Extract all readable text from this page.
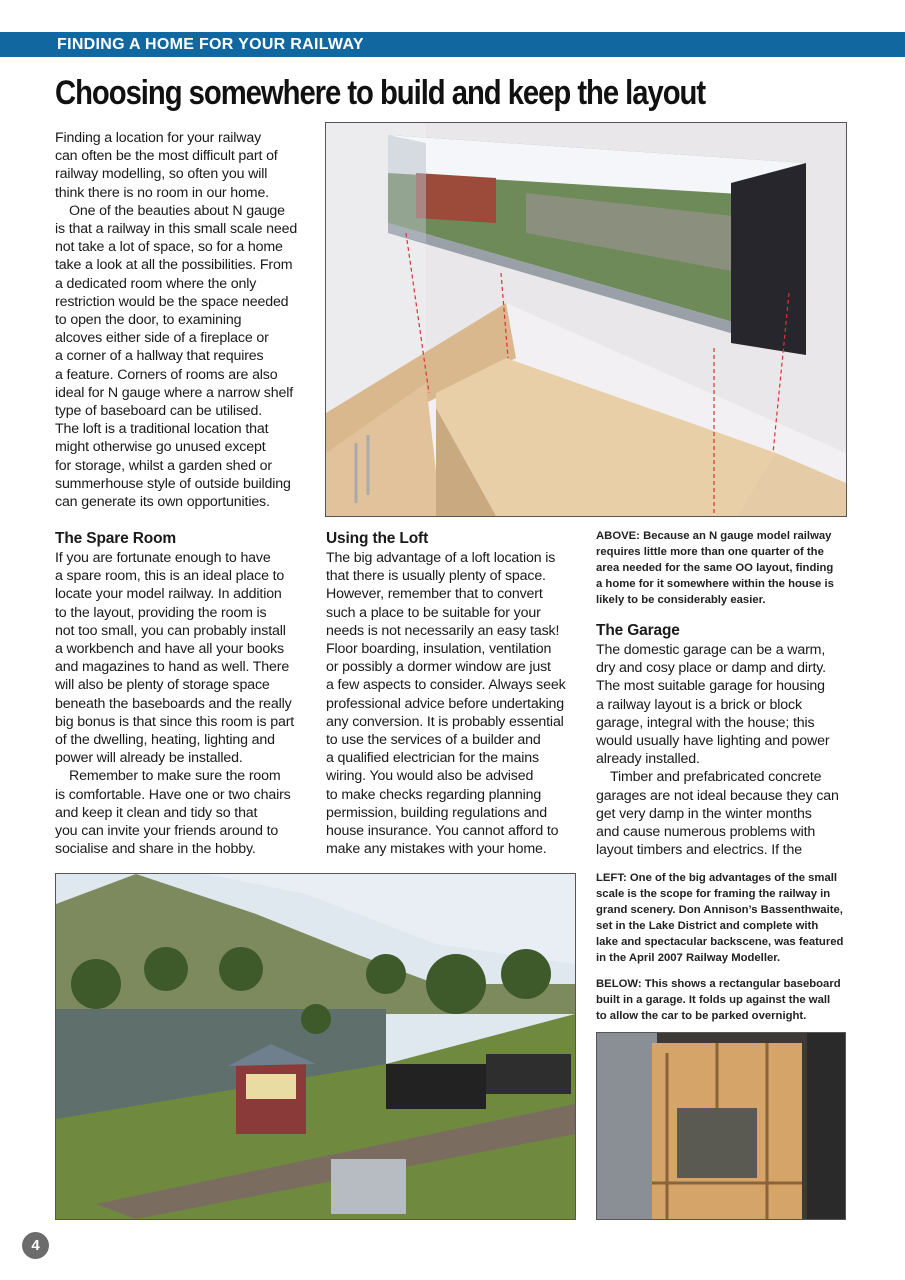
FINDING A HOME FOR YOUR RAILWAY
Choosing somewhere to build and keep the layout
Finding a location for your railway
can often be the most difficult part of
railway modelling, so often you will
think there is no room in our home.
One of the beauties about N gauge
is that a railway in this small scale need
not take a lot of space, so for a home
take a look at all the possibilities. From
a dedicated room where the only
restriction would be the space needed
to open the door, to examining
alcoves either side of a fireplace or
a corner of a hallway that requires
a feature. Corners of rooms are also
ideal for N gauge where a narrow shelf
type of baseboard can be utilised.
The loft is a traditional location that
might otherwise go unused except
for storage, whilst a garden shed or
summerhouse style of outside building
can generate its own opportunities.
The Spare Room
If you are fortunate enough to have
a spare room, this is an ideal place to
locate your model railway. In addition
to the layout, providing the room is
not too small, you can probably install
a workbench and have all your books
and magazines to hand as well. There
will also be plenty of storage space
beneath the baseboards and the really
big bonus is that since this room is part
of the dwelling, heating, lighting and
power will already be installed.
Remember to make sure the room
is comfortable. Have one or two chairs
and keep it clean and tidy so that
you can invite your friends around to
socialise and share in the hobby.
Using the Loft
The big advantage of a loft location is
that there is usually plenty of space.
However, remember that to convert
such a place to be suitable for your
needs is not necessarily an easy task!
Floor boarding, insulation, ventilation
or possibly a dormer window are just
a few aspects to consider. Always seek
professional advice before undertaking
any conversion. It is probably essential
to use the services of a builder and
a qualified electrician for the mains
wiring. You would also be advised
to make checks regarding planning
permission, building regulations and
house insurance. You cannot afford to
make any mistakes with your home.
ABOVE: Because an N gauge model railway
requires little more than one quarter of the
area needed for the same OO layout, finding
a home for it somewhere within the house is
likely to be considerably easier.
The Garage
The domestic garage can be a warm,
dry and cosy place or damp and dirty.
The most suitable garage for housing
a railway layout is a brick or block
garage, integral with the house; this
would usually have lighting and power
already installed.
Timber and prefabricated concrete
garages are not ideal because they can
get very damp in the winter months
and cause numerous problems with
layout timbers and electrics. If the
LEFT: One of the big advantages of the small
scale is the scope for framing the railway in
grand scenery. Don Annison’s Bassenthwaite,
set in the Lake District and complete with
lake and spectacular backscene, was featured
in the April 2007 Railway Modeller.
BELOW: This shows a rectangular baseboard
built in a garage. It folds up against the wall
to allow the car to be parked overnight.
4
